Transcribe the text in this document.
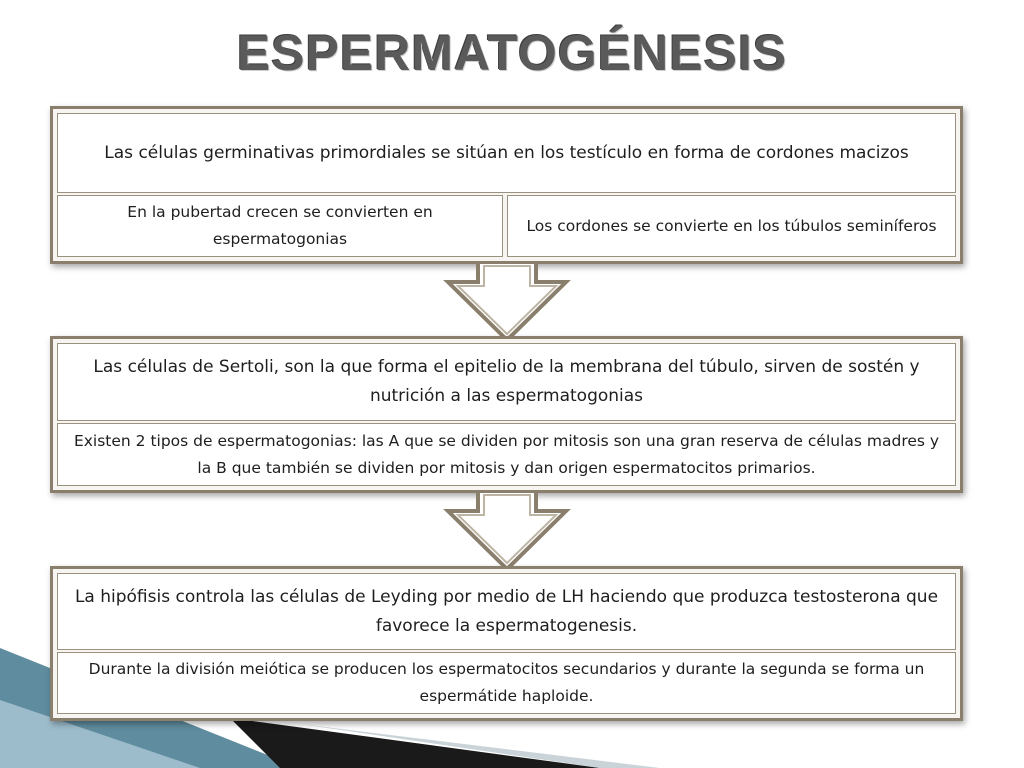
ESPERMATOGÉNESIS
Las células germinativas primordiales se sitúan en los testículo en forma de cordones macizos
En la pubertad crecen se convierten en espermatogonias
Los cordones se convierte en los túbulos seminíferos
Las células de Sertoli, son la que forma el epitelio de la membrana del túbulo, sirven de sostén y nutrición a las espermatogonias
Existen 2 tipos de espermatogonias: las A que se dividen por mitosis son una gran reserva de células madres y la B que también se dividen por mitosis y dan origen espermatocitos primarios.
La hipófisis controla las células de Leyding por medio de LH haciendo que produzca testosterona que favorece la espermatogenesis.
Durante la división meiótica se producen los espermatocitos secundarios y durante la segunda se forma un espermátide haploide.
